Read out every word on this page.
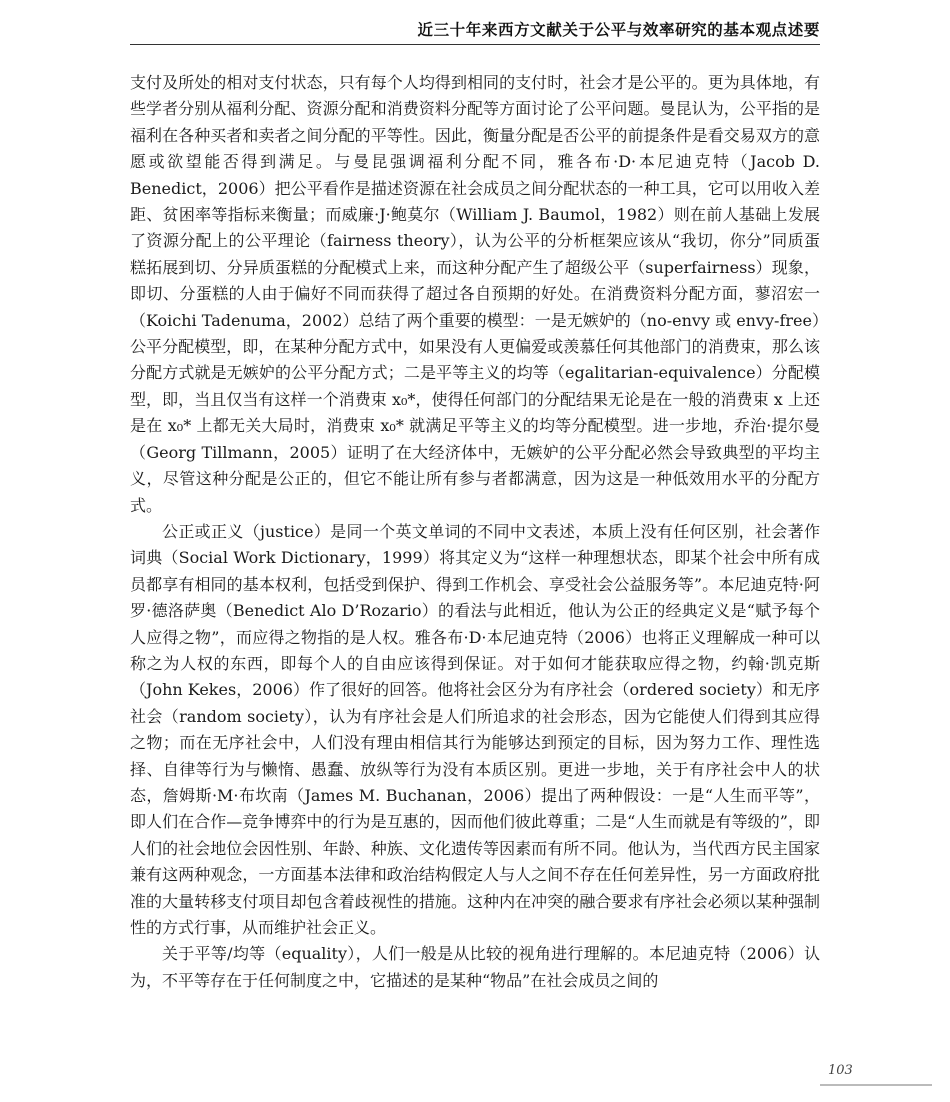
近三十年来西方文献关于公平与效率研究的基本观点述要

支付及所处的相对支付状态，只有每个人均得到相同的支付时，社会才是公平的。更为具体地，有些学者分别从福利分配、资源分配和消费资料分配等方面讨论了公平问题。曼昆认为，公平指的是福利在各种买者和卖者之间分配的平等性。因此，衡量分配是否公平的前提条件是看交易双方的意愿或欲望能否得到满足。与曼昆强调福利分配不同，雅各布·D·本尼迪克特（Jacob D. Benedict，2006）把公平看作是描述资源在社会成员之间分配状态的一种工具，它可以用收入差距、贫困率等指标来衡量；而威廉·J·鲍莫尔（William J. Baumol，1982）则在前人基础上发展了资源分配上的公平理论（fairness theory），认为公平的分析框架应该从“我切，你分”同质蛋糕拓展到切、分异质蛋糕的分配模式上来，而这种分配产生了超级公平（superfairness）现象，即切、分蛋糕的人由于偏好不同而获得了超过各自预期的好处。在消费资料分配方面，蓼沼宏一（Koichi Tadenuma，2002）总结了两个重要的模型：一是无嫉妒的（no-envy 或 envy-free）公平分配模型，即，在某种分配方式中，如果没有人更偏爱或羡慕任何其他部门的消费束，那么该分配方式就是无嫉妒的公平分配方式；二是平等主义的均等（egalitarian-equivalence）分配模型，即，当且仅当有这样一个消费束 x₀*，使得任何部门的分配结果无论是在一般的消费束 x 上还是在 x₀* 上都无关大局时，消费束 x₀* 就满足平等主义的均等分配模型。进一步地，乔治·提尔曼（Georg Tillmann，2005）证明了在大经济体中，无嫉妒的公平分配必然会导致典型的平均主义，尽管这种分配是公正的，但它不能让所有参与者都满意，因为这是一种低效用水平的分配方式。

公正或正义（justice）是同一个英文单词的不同中文表述，本质上没有任何区别，社会著作词典（Social Work Dictionary，1999）将其定义为“这样一种理想状态，即某个社会中所有成员都享有相同的基本权利，包括受到保护、得到工作机会、享受社会公益服务等”。本尼迪克特·阿罗·德洛萨奥（Benedict Alo D’Rozario）的看法与此相近，他认为公正的经典定义是“赋予每个人应得之物”，而应得之物指的是人权。雅各布·D·本尼迪克特（2006）也将正义理解成一种可以称之为人权的东西，即每个人的自由应该得到保证。对于如何才能获取应得之物，约翰·凯克斯（John Kekes，2006）作了很好的回答。他将社会区分为有序社会（ordered society）和无序社会（random society），认为有序社会是人们所追求的社会形态，因为它能使人们得到其应得之物；而在无序社会中，人们没有理由相信其行为能够达到预定的目标，因为努力工作、理性选择、自律等行为与懒惰、愚蠢、放纵等行为没有本质区别。更进一步地，关于有序社会中人的状态，詹姆斯·M·布坎南（James M. Buchanan，2006）提出了两种假设：一是“人生而平等”，即人们在合作—竞争博弈中的行为是互惠的，因而他们彼此尊重；二是“人生而就是有等级的”，即人们的社会地位会因性别、年龄、种族、文化遗传等因素而有所不同。他认为，当代西方民主国家兼有这两种观念，一方面基本法律和政治结构假定人与人之间不存在任何差异性，另一方面政府批准的大量转移支付项目却包含着歧视性的措施。这种内在冲突的融合要求有序社会必须以某种强制性的方式行事，从而维护社会正义。

关于平等/均等（equality），人们一般是从比较的视角进行理解的。本尼迪克特（2006）认为，不平等存在于任何制度之中，它描述的是某种“物品”在社会成员之间的

103
